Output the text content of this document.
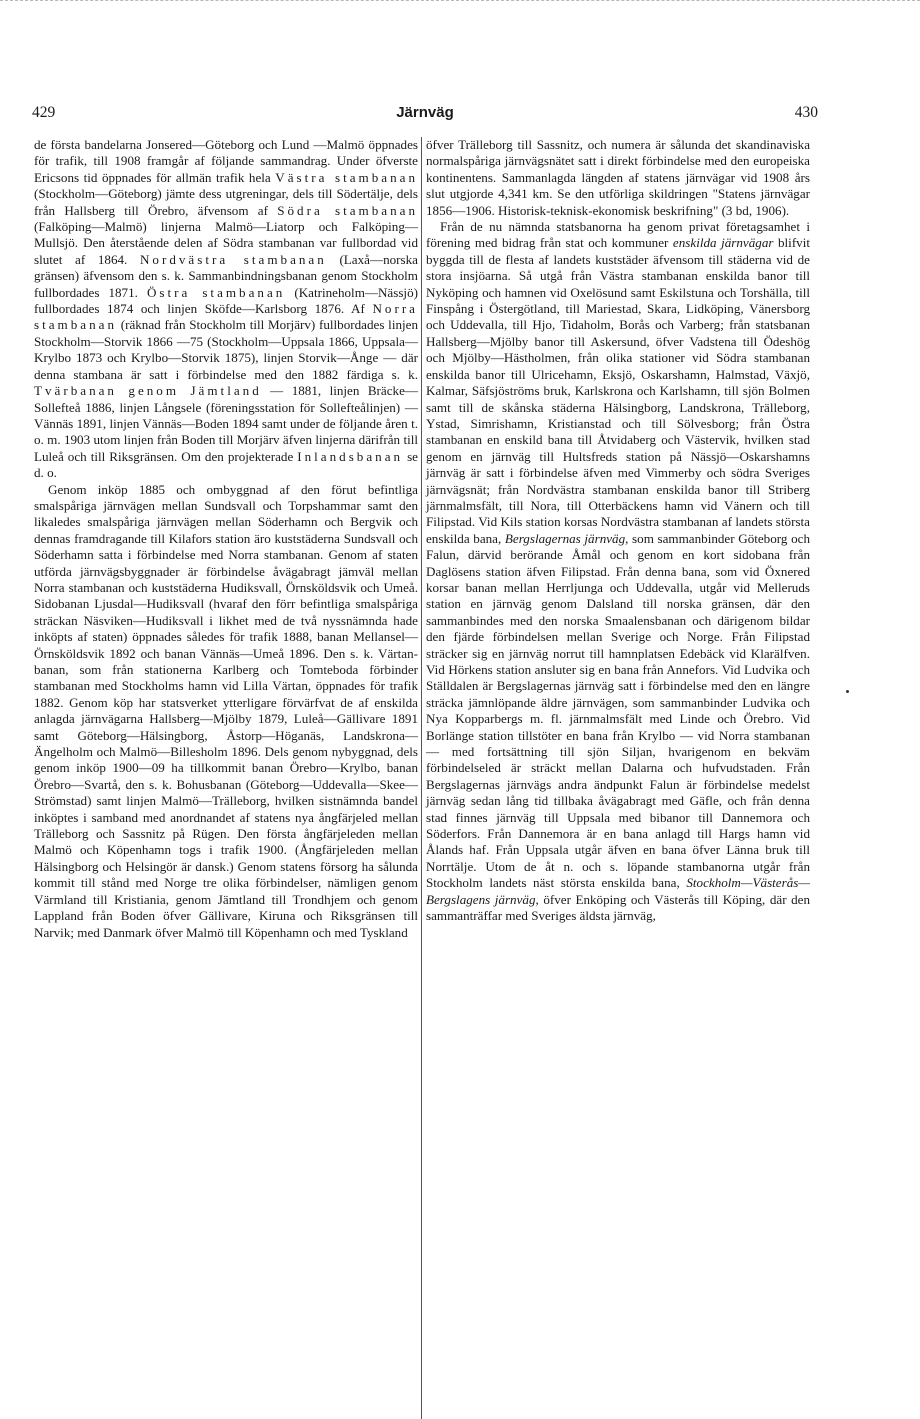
429	Järnväg	430

de första bandelarna Jonsered—Göteborg och Lund —Malmö öppnades för trafik, till 1908 framgår af följande sammandrag. Under öfverste Ericsons tid öppnades för allmän trafik hela Västra stambanan (Stockholm—Göteborg) jämte dess utgreningar, dels till Södertälje, dels från Hallsberg till Örebro, äfvensom af Södra stambanan (Falköping—Malmö) linjerna Malmö—Liatorp och Falköping—Mullsjö. Den återstående delen af Södra stambanan var fullbordad vid slutet af 1864. Nordvästra stambanan (Laxå—norska gränsen) äfvensom den s. k. Sammanbindningsbanan genom Stockholm fullbordades 1871. Östra stambanan (Katrineholm—Nässjö) fullbordades 1874 och linjen Sköfde—Karlsborg 1876. Af Norra stambanan (räknad från Stockholm till Morjärv) fullbordades linjen Stockholm—Storvik 1866 —75 (Stockholm—Uppsala 1866, Uppsala—Krylbo 1873 och Krylbo—Storvik 1875), linjen Storvik—Ånge — där denna stambana är satt i förbindelse med den 1882 färdiga s. k. Tvärbanan genom Jämtland — 1881, linjen Bräcke—Sollefteå 1886, linjen Långsele (föreningsstation för Sollefteålinjen) — Vännäs 1891, linjen Vännäs—Boden 1894 samt under de följande åren t. o. m. 1903 utom linjen från Boden till Morjärv äfven linjerna därifrån till Luleå och till Riksgränsen. Om den projekterade Inlandsbanan se d. o.

Genom inköp 1885 och ombyggnad af den förut befintliga smalspåriga järnvägen mellan Sundsvall och Torpshammar samt den likaledes smalspåriga järnvägen mellan Söderhamn och Bergvik och dennas framdragande till Kilafors station äro kuststäderna Sundsvall och Söderhamn satta i förbindelse med Norra stambanan. Genom af staten utförda järnvägsbyggnader är förbindelse åvägabragt jämväl mellan Norra stambanan och kuststäderna Hudiksvall, Örnsköldsvik och Umeå. Sidobanan Ljusdal—Hudiksvall (hvaraf den förr befintliga smalspåriga sträckan Näsviken—Hudiksvall i likhet med de två nyssnämnda hade inköpts af staten) öppnades således för trafik 1888, banan Mellansel—Örnsköldsvik 1892 och banan Vännäs—Umeå 1896. Den s. k. Värtan-banan, som från stationerna Karlberg och Tomteboda förbinder stambanan med Stockholms hamn vid Lilla Värtan, öppnades för trafik 1882. Genom köp har statsverket ytterligare förvärfvat de af enskilda anlagda järnvägarna Hallsberg—Mjölby 1879, Luleå—Gällivare 1891 samt Göteborg—Hälsingborg, Åstorp—Höganäs, Landskrona—Ängelholm och Malmö—Billesholm 1896. Dels genom nybyggnad, dels genom inköp 1900—09 ha tillkommit banan Örebro—Krylbo, banan Örebro—Svartå, den s. k. Bohusbanan (Göteborg—Uddevalla—Skee—Strömstad) samt linjen Malmö—Trälleborg, hvilken sistnämnda bandel inköptes i samband med anordnandet af statens nya ångfärjeled mellan Trälleborg och Sassnitz på Rügen. Den första ångfärjeleden mellan Malmö och Köpenhamn togs i trafik 1900. (Ångfärjeleden mellan Hälsingborg och Helsingör är dansk.) Genom statens försorg ha sålunda kommit till stånd med Norge tre olika förbindelser, nämligen genom Värmland till Kristiania, genom Jämtland till Trondhjem och genom Lappland från Boden öfver Gällivare, Kiruna och Riksgränsen till Narvik; med Danmark öfver Malmö till Köpenhamn och med Tyskland

öfver Trälleborg till Sassnitz, och numera är sålunda det skandinaviska normalspåriga järnvägsnätet satt i direkt förbindelse med den europeiska kontinentens. Sammanlagda längden af statens järnvägar vid 1908 års slut utgjorde 4,341 km. Se den utförliga skildringen "Statens järnvägar 1856—1906. Historisk-teknisk-ekonomisk beskrifning" (3 bd, 1906).

Från de nu nämnda statsbanorna ha genom privat företagsamhet i förening med bidrag från stat och kommuner enskilda järnvägar blifvit byggda till de flesta af landets kuststäder äfvensom till städerna vid de stora insjöarna. Så utgå från Västra stambanan enskilda banor till Nyköping och hamnen vid Oxelösund samt Eskilstuna och Torshälla, till Finspång i Östergötland, till Mariestad, Skara, Lidköping, Vänersborg och Uddevalla, till Hjo, Tidaholm, Borås och Varberg; från statsbanan Hallsberg—Mjölby banor till Askersund, öfver Vadstena till Ödeshög och Mjölby—Hästholmen, från olika stationer vid Södra stambanan enskilda banor till Ulricehamn, Eksjö, Oskarshamn, Halmstad, Växjö, Kalmar, Säfsjöströms bruk, Karlskrona och Karlshamn, till sjön Bolmen samt till de skånska städerna Hälsingborg, Landskrona, Trälleborg, Ystad, Simrishamn, Kristianstad och till Sölvesborg; från Östra stambanan en enskild bana till Åtvidaberg och Västervik, hvilken stad genom en järnväg till Hultsfreds station på Nässjö—Oskarshamns järnväg är satt i förbindelse äfven med Vimmerby och södra Sveriges järnvägsnät; från Nordvästra stambanan enskilda banor till Striberg järnmalmsfält, till Nora, till Otterbäckens hamn vid Vänern och till Filipstad. Vid Kils station korsas Nordvästra stambanan af landets största enskilda bana, Bergslagernas järnväg, som sammanbinder Göteborg och Falun, därvid berörande Åmål och genom en kort sidobana från Daglösens station äfven Filipstad. Från denna bana, som vid Öxnered korsar banan mellan Herrljunga och Uddevalla, utgår vid Melleruds station en järnväg genom Dalsland till norska gränsen, där den sammanbindes med den norska Smaalensbanan och därigenom bildar den fjärde förbindelsen mellan Sverige och Norge. Från Filipstad sträcker sig en järnväg norrut till hamnplatsen Edebäck vid Klarälfven. Vid Hörkens station ansluter sig en bana från Annefors. Vid Ludvika och Ställdalen är Bergslagernas järnväg satt i förbindelse med den en längre sträcka jämnlöpande äldre järnvägen, som sammanbinder Ludvika och Nya Kopparbergs m. fl. järnmalmsfält med Linde och Örebro. Vid Borlänge station tillstöter en bana från Krylbo — vid Norra stambanan — med fortsättning till sjön Siljan, hvarigenom en bekväm förbindelseled är sträckt mellan Dalarna och hufvudstaden. Från Bergslagernas järnvägs andra ändpunkt Falun är förbindelse medelst järnväg sedan lång tid tillbaka åvägabragt med Gäfle, och från denna stad finnes järnväg till Uppsala med bibanor till Dannemora och Söderfors. Från Dannemora är en bana anlagd till Hargs hamn vid Ålands haf. Från Uppsala utgår äfven en bana öfver Länna bruk till Norrtälje. Utom de åt n. och s. löpande stambanorna utgår från Stockholm landets näst största enskilda bana, Stockholm—Västerås—Bergslagens järnväg, öfver Enköping och Västerås till Köping, där den sammanträffar med Sveriges äldsta järnväg,
